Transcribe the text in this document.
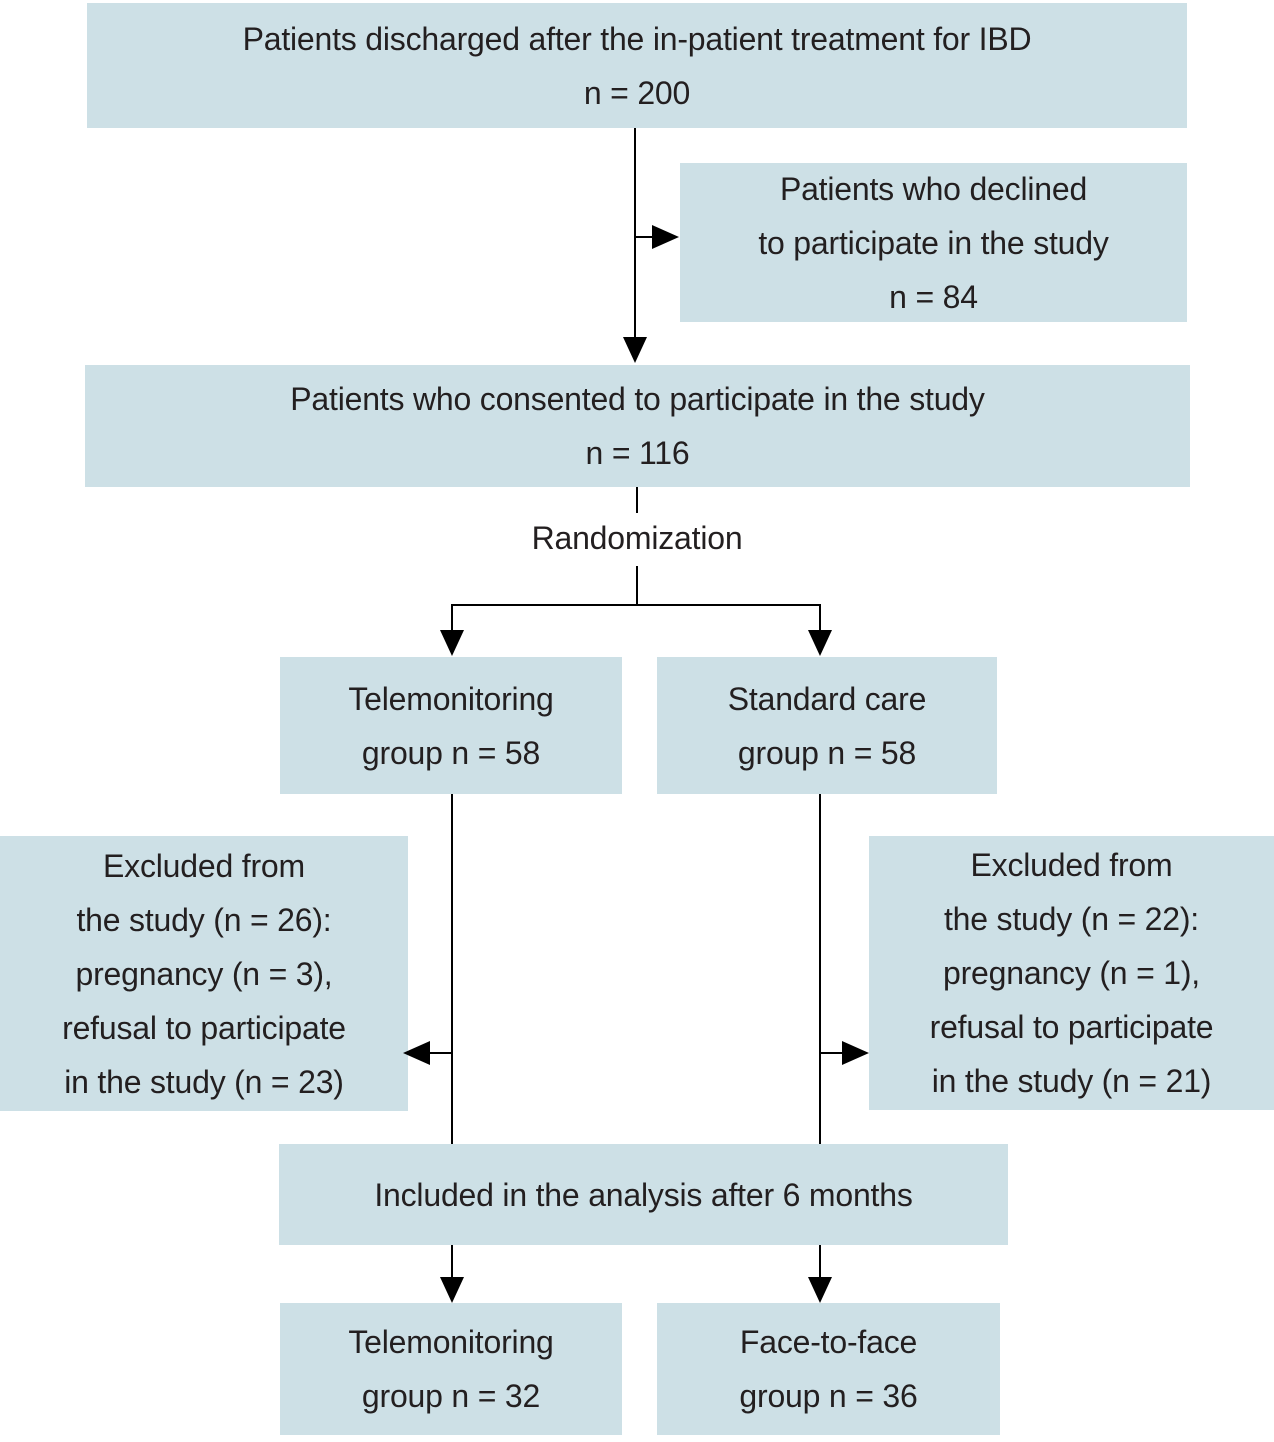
Patients discharged after the in-patient treatment for IBD
n = 200
Patients who declined
to participate in the study
n = 84
Patients who consented to participate in the study
n = 116
Randomization
Telemonitoring
group n = 58
Standard care
group n = 58
Excluded from
the study (n = 26):
pregnancy (n = 3),
refusal to participate
in the study (n = 23)
Excluded from
the study (n = 22):
pregnancy (n = 1),
refusal to participate
in the study (n = 21)
Included in the analysis after 6 months
Telemonitoring
group n = 32
Face-to-face
group n = 36
